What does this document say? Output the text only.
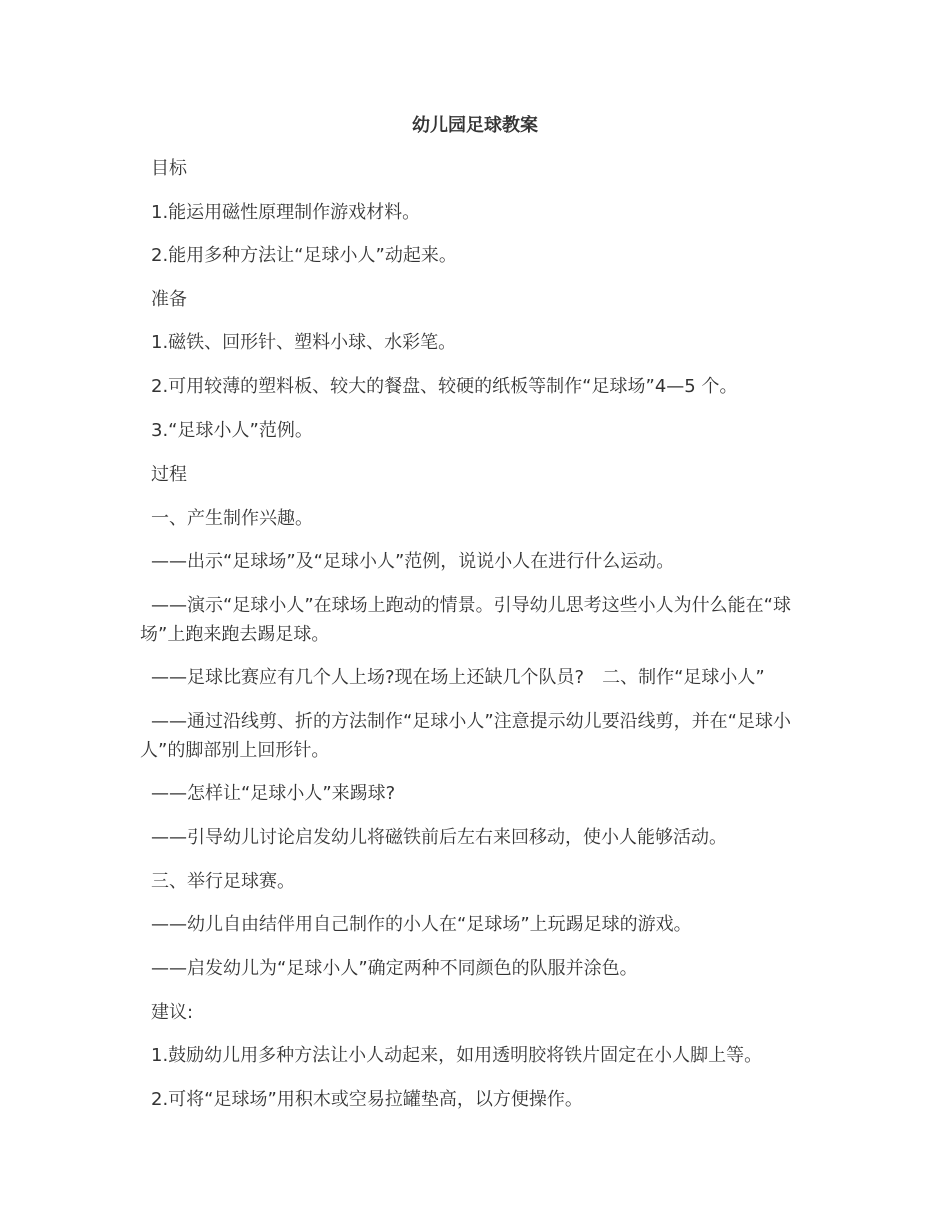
幼儿园足球教案
目标
1.能运用磁性原理制作游戏材料。
2.能用多种方法让“足球小人”动起来。
准备
1.磁铁、回形针、塑料小球、水彩笔。
2.可用较薄的塑料板、较大的餐盘、较硬的纸板等制作“足球场”4—5 个。
3.“足球小人”范例。
过程
一、产生制作兴趣。
——出示“足球场”及“足球小人”范例，说说小人在进行什么运动。
——演示“足球小人”在球场上跑动的情景。引导幼儿思考这些小人为什么能在“球场”上跑来跑去踢足球。
——足球比赛应有几个人上场?现在场上还缺几个队员?　二、制作“足球小人”
——通过沿线剪、折的方法制作“足球小人”注意提示幼儿要沿线剪，并在“足球小人”的脚部别上回形针。
——怎样让“足球小人”来踢球?
——引导幼儿讨论启发幼儿将磁铁前后左右来回移动，使小人能够活动。
三、举行足球赛。
——幼儿自由结伴用自己制作的小人在“足球场”上玩踢足球的游戏。
——启发幼儿为“足球小人”确定两种不同颜色的队服并涂色。
建议:
1.鼓励幼儿用多种方法让小人动起来，如用透明胶将铁片固定在小人脚上等。
2.可将“足球场”用积木或空易拉罐垫高，以方便操作。
